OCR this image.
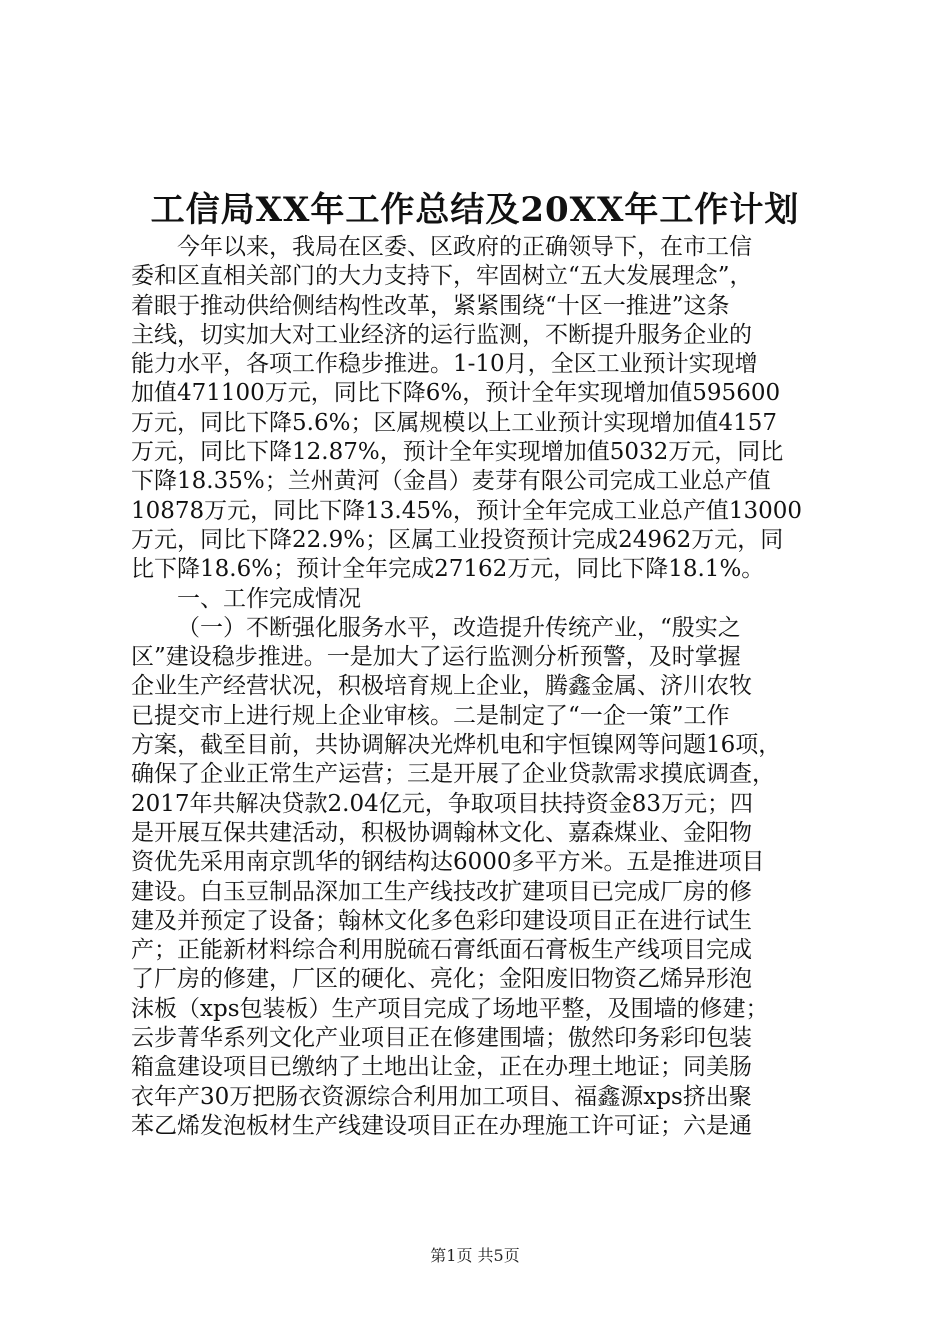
工信局XX年工作总结及20XX年工作计划
今年以来，我局在区委、区政府的正确领导下，在市工信
委和区直相关部门的大力支持下，牢固树立“五大发展理念”，
着眼于推动供给侧结构性改革，紧紧围绕“十区一推进”这条
主线，切实加大对工业经济的运行监测，不断提升服务企业的
能力水平，各项工作稳步推进。1-10月，全区工业预计实现增
加值471100万元，同比下降6%，预计全年实现增加值595600
万元，同比下降5.6%；区属规模以上工业预计实现增加值4157
万元，同比下降12.87%，预计全年实现增加值5032万元，同比
下降18.35%；兰州黄河（金昌）麦芽有限公司完成工业总产值
10878万元，同比下降13.45%，预计全年完成工业总产值13000
万元，同比下降22.9%；区属工业投资预计完成24962万元，同
比下降18.6%；预计全年完成27162万元，同比下降18.1%。
一、工作完成情况
（一）不断强化服务水平，改造提升传统产业，“殷实之
区”建设稳步推进。一是加大了运行监测分析预警，及时掌握
企业生产经营状况，积极培育规上企业，腾鑫金属、济川农牧
已提交市上进行规上企业审核。二是制定了“一企一策”工作
方案，截至目前，共协调解决光烨机电和宇恒镍网等问题16项，
确保了企业正常生产运营；三是开展了企业贷款需求摸底调查，
2017年共解决贷款2.04亿元，争取项目扶持资金83万元；四
是开展互保共建活动，积极协调翰林文化、嘉森煤业、金阳物
资优先采用南京凯华的钢结构达6000多平方米。五是推进项目
建设。白玉豆制品深加工生产线技改扩建项目已完成厂房的修
建及并预定了设备；翰林文化多色彩印建设项目正在进行试生
产；正能新材料综合利用脱硫石膏纸面石膏板生产线项目完成
了厂房的修建，厂区的硬化、亮化；金阳废旧物资乙烯异形泡
沫板（xps包装板）生产项目完成了场地平整，及围墙的修建；
云步菁华系列文化产业项目正在修建围墙；傲然印务彩印包装
箱盒建设项目已缴纳了土地出让金，正在办理土地证；同美肠
衣年产30万把肠衣资源综合利用加工项目、福鑫源xps挤出聚
苯乙烯发泡板材生产线建设项目正在办理施工许可证；六是通
第1页 共5页
